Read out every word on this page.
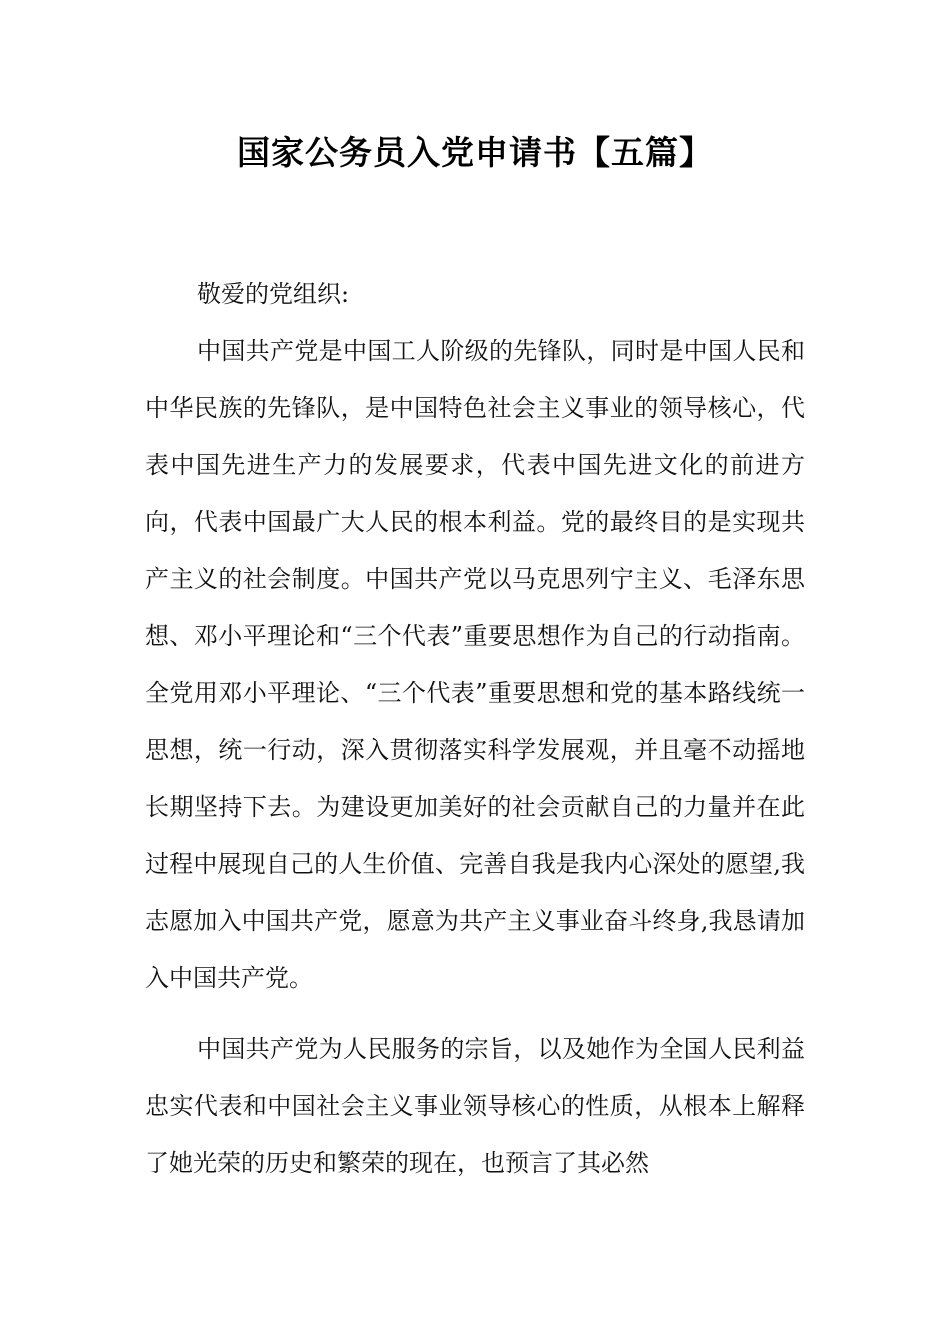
国家公务员入党申请书【五篇】

敬爱的党组织:

中国共产党是中国工人阶级的先锋队，同时是中国人民和中华民族的先锋队，是中国特色社会主义事业的领导核心，代表中国先进生产力的发展要求，代表中国先进文化的前进方向，代表中国最广大人民的根本利益。党的最终目的是实现共产主义的社会制度。中国共产党以马克思列宁主义、毛泽东思想、邓小平理论和“三个代表”重要思想作为自己的行动指南。全党用邓小平理论、“三个代表”重要思想和党的基本路线统一思想，统一行动，深入贯彻落实科学发展观，并且毫不动摇地长期坚持下去。为建设更加美好的社会贡献自己的力量并在此过程中展现自己的人生价值、完善自我是我内心深处的愿望,我志愿加入中国共产党，愿意为共产主义事业奋斗终身,我恳请加入中国共产党。

中国共产党为人民服务的宗旨，以及她作为全国人民利益忠实代表和中国社会主义事业领导核心的性质，从根本上解释了她光荣的历史和繁荣的现在，也预言了其必然
